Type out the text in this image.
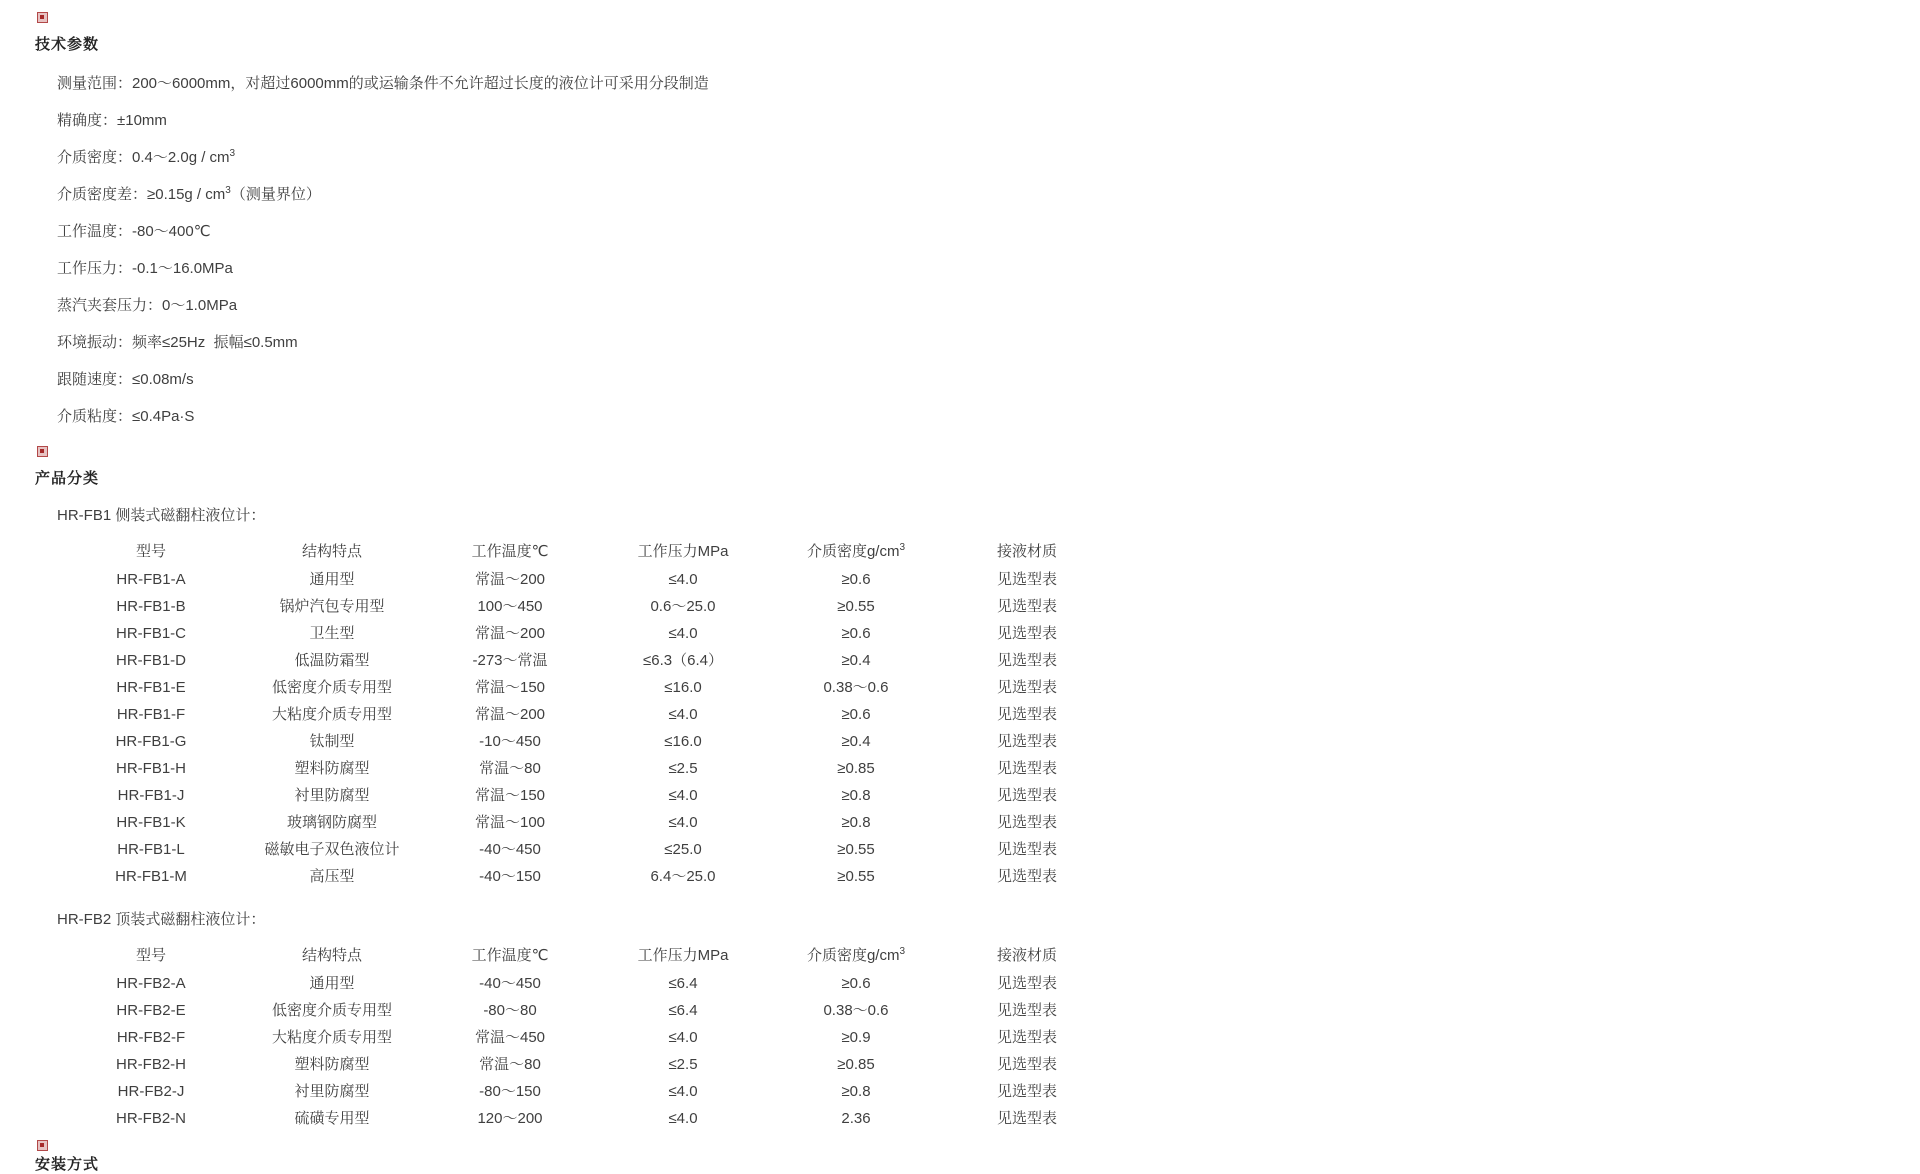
技术参数
测量范围：200～6000mm，对超过6000mm的或运输条件不允许超过长度的液位计可采用分段制造
精确度：±10mm
介质密度：0.4～2.0g / $cm^3$
介质密度差：$\ge 0.15g / cm^3$（测量界位）
工作温度：-80～400℃
工作压力：-0.1～16.0MPa
蒸汽夹套压力：0～1.0MPa
环境振动：频率≤25Hz  振幅≤0.5mm
跟随速度：≤0.08m/s
介质粘度：≤0.4Pa·S
产品分类

HR-FB1 侧装式磁翻柱液位计：

型号	结构特点	工作温度℃	工作压力MPa	介质密度$g/cm^3$	接液材质
HR-FB1-A	通用型	常温～200	≤4.0	≥0.6	见选型表
HR-FB1-B	锅炉汽包专用型	100～450	0.6～25.0	≥0.55	见选型表
HR-FB1-C	卫生型	常温～200	≤4.0	≥0.6	见选型表
HR-FB1-D	低温防霜型	-273～常温	≤6.3（6.4）	≥0.4	见选型表
HR-FB1-E	低密度介质专用型	常温～150	≤16.0	0.38～0.6	见选型表
HR-FB1-F	大粘度介质专用型	常温～200	≤4.0	≥0.6	见选型表
HR-FB1-G	钛制型	-10～450	≤16.0	≥0.4	见选型表
HR-FB1-H	塑料防腐型	常温～80	≤2.5	≥0.85	见选型表
HR-FB1-J	衬里防腐型	常温～150	≤4.0	≥0.8	见选型表
HR-FB1-K	玻璃钢防腐型	常温～100	≤4.0	≥0.8	见选型表
HR-FB1-L	磁敏电子双色液位计	-40～450	≤25.0	≥0.55	见选型表
HR-FB1-M	高压型	-40～150	6.4～25.0	≥0.55	见选型表

HR-FB2 顶装式磁翻柱液位计：

型号	结构特点	工作温度℃	工作压力MPa	介质密度$g/cm^3$	接液材质
HR-FB2-A	通用型	-40～450	≤6.4	≥0.6	见选型表
HR-FB2-E	低密度介质专用型	-80～80	≤6.4	0.38～0.6	见选型表
HR-FB2-F	大粘度介质专用型	常温～450	≤4.0	≥0.9	见选型表
HR-FB2-H	塑料防腐型	常温～80	≤2.5	≥0.85	见选型表
HR-FB2-J	衬里防腐型	-80～150	≤4.0	≥0.8	见选型表
HR-FB2-N	硫磺专用型	120～200	≤4.0	2.36	见选型表
安装方式
